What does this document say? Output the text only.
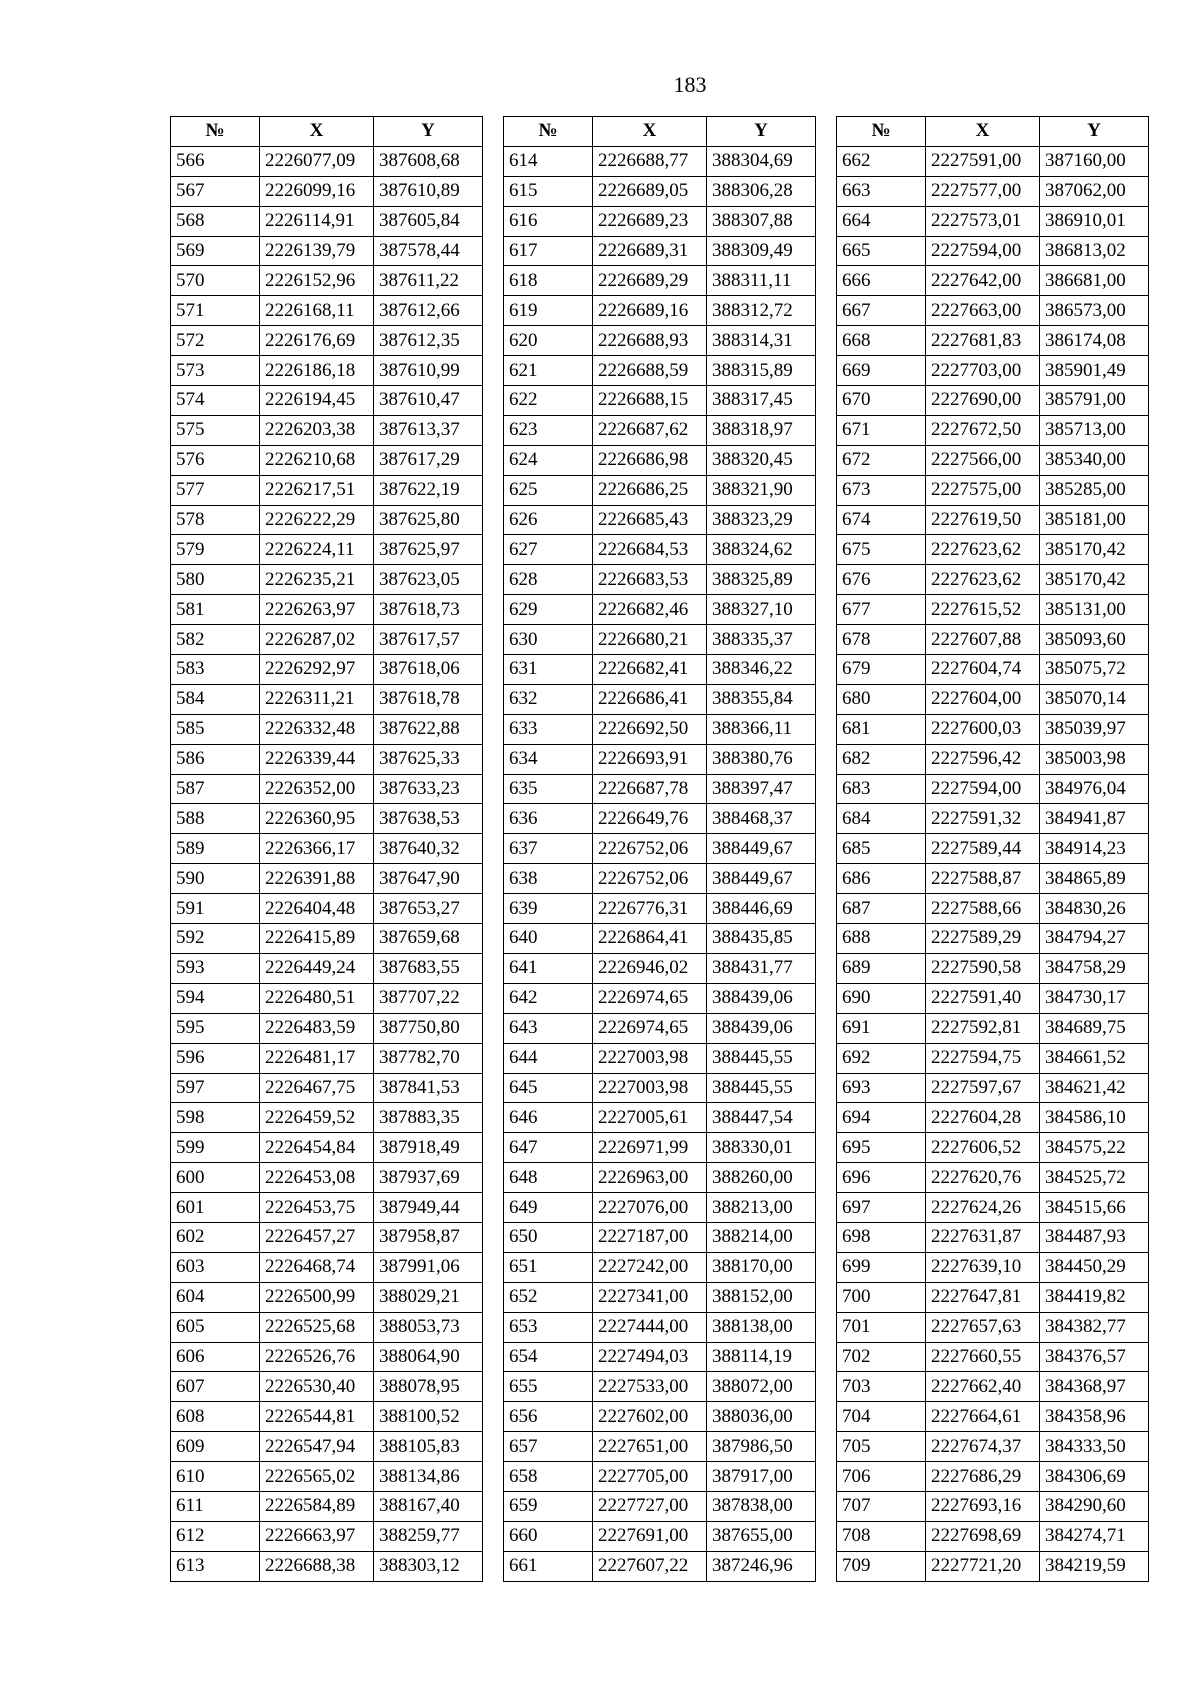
183
№	X	Y
566	2226077,09	387608,68
567	2226099,16	387610,89
568	2226114,91	387605,84
569	2226139,79	387578,44
570	2226152,96	387611,22
571	2226168,11	387612,66
572	2226176,69	387612,35
573	2226186,18	387610,99
574	2226194,45	387610,47
575	2226203,38	387613,37
576	2226210,68	387617,29
577	2226217,51	387622,19
578	2226222,29	387625,80
579	2226224,11	387625,97
580	2226235,21	387623,05
581	2226263,97	387618,73
582	2226287,02	387617,57
583	2226292,97	387618,06
584	2226311,21	387618,78
585	2226332,48	387622,88
586	2226339,44	387625,33
587	2226352,00	387633,23
588	2226360,95	387638,53
589	2226366,17	387640,32
590	2226391,88	387647,90
591	2226404,48	387653,27
592	2226415,89	387659,68
593	2226449,24	387683,55
594	2226480,51	387707,22
595	2226483,59	387750,80
596	2226481,17	387782,70
597	2226467,75	387841,53
598	2226459,52	387883,35
599	2226454,84	387918,49
600	2226453,08	387937,69
601	2226453,75	387949,44
602	2226457,27	387958,87
603	2226468,74	387991,06
604	2226500,99	388029,21
605	2226525,68	388053,73
606	2226526,76	388064,90
607	2226530,40	388078,95
608	2226544,81	388100,52
609	2226547,94	388105,83
610	2226565,02	388134,86
611	2226584,89	388167,40
612	2226663,97	388259,77
613	2226688,38	388303,12
№	X	Y
614	2226688,77	388304,69
615	2226689,05	388306,28
616	2226689,23	388307,88
617	2226689,31	388309,49
618	2226689,29	388311,11
619	2226689,16	388312,72
620	2226688,93	388314,31
621	2226688,59	388315,89
622	2226688,15	388317,45
623	2226687,62	388318,97
624	2226686,98	388320,45
625	2226686,25	388321,90
626	2226685,43	388323,29
627	2226684,53	388324,62
628	2226683,53	388325,89
629	2226682,46	388327,10
630	2226680,21	388335,37
631	2226682,41	388346,22
632	2226686,41	388355,84
633	2226692,50	388366,11
634	2226693,91	388380,76
635	2226687,78	388397,47
636	2226649,76	388468,37
637	2226752,06	388449,67
638	2226752,06	388449,67
639	2226776,31	388446,69
640	2226864,41	388435,85
641	2226946,02	388431,77
642	2226974,65	388439,06
643	2226974,65	388439,06
644	2227003,98	388445,55
645	2227003,98	388445,55
646	2227005,61	388447,54
647	2226971,99	388330,01
648	2226963,00	388260,00
649	2227076,00	388213,00
650	2227187,00	388214,00
651	2227242,00	388170,00
652	2227341,00	388152,00
653	2227444,00	388138,00
654	2227494,03	388114,19
655	2227533,00	388072,00
656	2227602,00	388036,00
657	2227651,00	387986,50
658	2227705,00	387917,00
659	2227727,00	387838,00
660	2227691,00	387655,00
661	2227607,22	387246,96
№	X	Y
662	2227591,00	387160,00
663	2227577,00	387062,00
664	2227573,01	386910,01
665	2227594,00	386813,02
666	2227642,00	386681,00
667	2227663,00	386573,00
668	2227681,83	386174,08
669	2227703,00	385901,49
670	2227690,00	385791,00
671	2227672,50	385713,00
672	2227566,00	385340,00
673	2227575,00	385285,00
674	2227619,50	385181,00
675	2227623,62	385170,42
676	2227623,62	385170,42
677	2227615,52	385131,00
678	2227607,88	385093,60
679	2227604,74	385075,72
680	2227604,00	385070,14
681	2227600,03	385039,97
682	2227596,42	385003,98
683	2227594,00	384976,04
684	2227591,32	384941,87
685	2227589,44	384914,23
686	2227588,87	384865,89
687	2227588,66	384830,26
688	2227589,29	384794,27
689	2227590,58	384758,29
690	2227591,40	384730,17
691	2227592,81	384689,75
692	2227594,75	384661,52
693	2227597,67	384621,42
694	2227604,28	384586,10
695	2227606,52	384575,22
696	2227620,76	384525,72
697	2227624,26	384515,66
698	2227631,87	384487,93
699	2227639,10	384450,29
700	2227647,81	384419,82
701	2227657,63	384382,77
702	2227660,55	384376,57
703	2227662,40	384368,97
704	2227664,61	384358,96
705	2227674,37	384333,50
706	2227686,29	384306,69
707	2227693,16	384290,60
708	2227698,69	384274,71
709	2227721,20	384219,59
